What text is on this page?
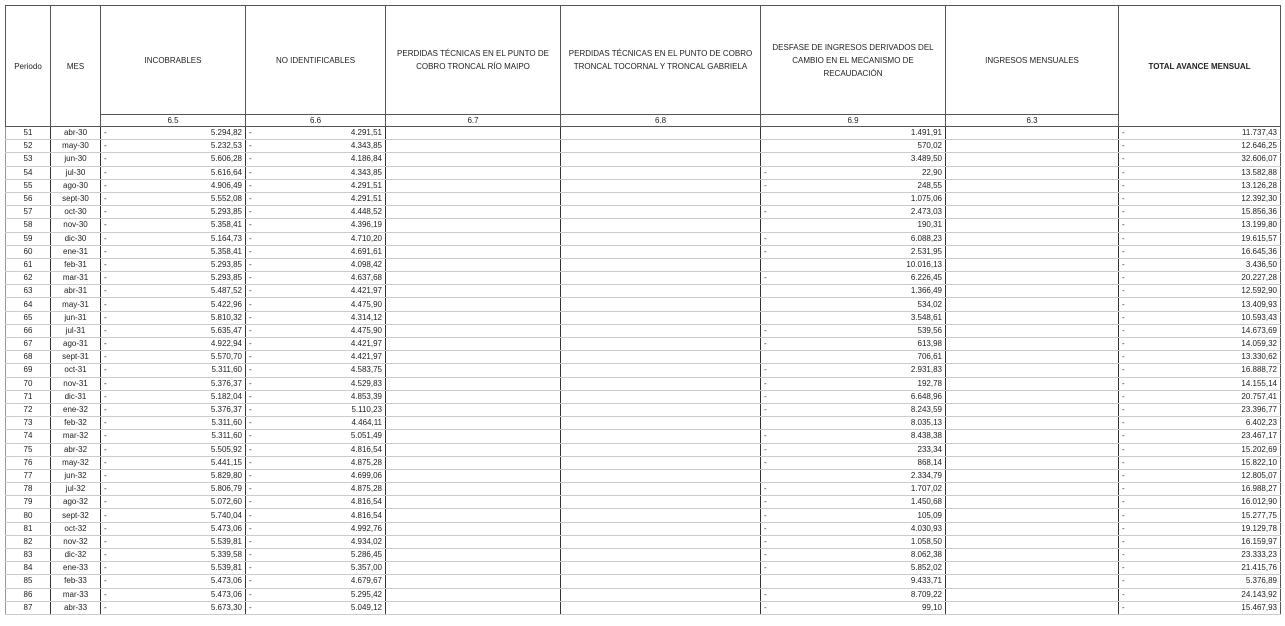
Periodo	MES	INCOBRABLES	NO IDENTIFICABLES	PERDIDAS TÉCNICAS EN EL PUNTO DE COBRO TRONCAL RÍO MAIPO	PERDIDAS TÉCNICAS EN EL PUNTO DE COBRO TRONCAL TOCORNAL Y TRONCAL GABRIELA	DESFASE DE INGRESOS DERIVADOS DEL CAMBIO EN EL MECANISMO DE RECAUDACIÓN	INGRESOS MENSUALES	TOTAL AVANCE MENSUAL
		6.5	6.6	6.7	6.8	6.9	6.3	
51	abr-30	- 5.294,82	- 4.291,51			1.491,91		- 11.737,43

52	may-30	- 5.232,53	- 4.343,85			570,02		- 12.646,25

53	jun-30	- 5.606,28	- 4.186,84			3.489,50		- 32.606,07

54	jul-30	- 5.616,64	- 4.343,85			- 22,90		- 13.582,88

55	ago-30	- 4.906,49	- 4.291,51			- 248,55		- 13.126,28

56	sept-30	- 5.552,08	- 4.291,51			1.075,06		- 12.392,30

57	oct-30	- 5.293,85	- 4.448,52			- 2.473,03		- 15.856,36

58	nov-30	- 5.358,41	- 4.396,19			190,31		- 13.199,80

59	dic-30	- 5.164,73	- 4.710,20			- 6.088,23		- 19.615,57

60	ene-31	- 5.358,41	- 4.691,61			- 2.531,95		- 16.645,36

61	feb-31	- 5.293,85	- 4.098,42			10.016,13		- 3.436,50

62	mar-31	- 5.293,85	- 4.637,68			- 6.226,45		- 20.227,28

63	abr-31	- 5.487,52	- 4.421,97			1.366,49		- 12.592,90

64	may-31	- 5.422,96	- 4.475,90			534,02		- 13.409,93

65	jun-31	- 5.810,32	- 4.314,12			3.548,61		- 10.593,43

66	jul-31	- 5.635,47	- 4.475,90			- 539,56		- 14.673,69

67	ago-31	- 4.922,94	- 4.421,97			- 613,98		- 14.059,32

68	sept-31	- 5.570,70	- 4.421,97			706,61		- 13.330,62

69	oct-31	- 5.311,60	- 4.583,75			- 2.931,83		- 16.888,72

70	nov-31	- 5.376,37	- 4.529,83			- 192,78		- 14.155,14

71	dic-31	- 5.182,04	- 4.853,39			- 6.648,96		- 20.757,41

72	ene-32	- 5.376,37	- 5.110,23			- 8.243,59		- 23.396,77

73	feb-32	- 5.311,60	- 4.464,11			8.035,13		- 6.402,23

74	mar-32	- 5.311,60	- 5.051,49			- 8.438,38		- 23.467,17

75	abr-32	- 5.505,92	- 4.816,54			- 233,34		- 15.202,69

76	may-32	- 5.441,15	- 4.875,28			- 868,14		- 15.822,10

77	jun-32	- 5.829,80	- 4.699,06			2.334,79		- 12.805,07

78	jul-32	- 5.806,79	- 4.875,28			- 1.707,02		- 16.988,27

79	ago-32	- 5.072,60	- 4.816,54			- 1.450,68		- 16.012,90

80	sept-32	- 5.740,04	- 4.816,54			- 105,09		- 15.277,75

81	oct-32	- 5.473,06	- 4.992,76			- 4.030,93		- 19.129,78

82	nov-32	- 5.539,81	- 4.934,02			- 1.058,50		- 16.159,97

83	dic-32	- 5.339,58	- 5.286,45			- 8.062,38		- 23.333,23

84	ene-33	- 5.539,81	- 5.357,00			- 5.852,02		- 21.415,76

85	feb-33	- 5.473,06	- 4.679,67			9.433,71		- 5.376,89

86	mar-33	- 5.473,06	- 5.295,42			- 8.709,22		- 24.143,92

87	abr-33	- 5.673,30	- 5.049,12			- 99,10		- 15.467,93
